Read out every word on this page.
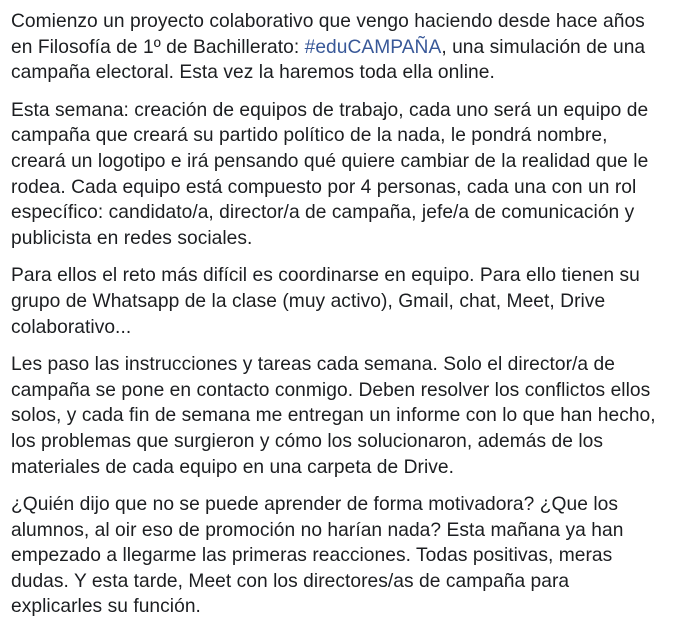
Comienzo un proyecto colaborativo que vengo haciendo desde hace años
en Filosofía de 1º de Bachillerato: #eduCAMPAÑA, una simulación de una
campaña electoral. Esta vez la haremos toda ella online.

Esta semana: creación de equipos de trabajo, cada uno será un equipo de
campaña que creará su partido político de la nada, le pondrá nombre,
creará un logotipo e irá pensando qué quiere cambiar de la realidad que le
rodea. Cada equipo está compuesto por 4 personas, cada una con un rol
específico: candidato/a, director/a de campaña, jefe/a de comunicación y
publicista en redes sociales.

Para ellos el reto más difícil es coordinarse en equipo. Para ello tienen su
grupo de Whatsapp de la clase (muy activo), Gmail, chat, Meet, Drive
colaborativo...

Les paso las instrucciones y tareas cada semana. Solo el director/a de
campaña se pone en contacto conmigo. Deben resolver los conflictos ellos
solos, y cada fin de semana me entregan un informe con lo que han hecho,
los problemas que surgieron y cómo los solucionaron, además de los
materiales de cada equipo en una carpeta de Drive.

¿Quién dijo que no se puede aprender de forma motivadora? ¿Que los
alumnos, al oir eso de promoción no harían nada? Esta mañana ya han
empezado a llegarme las primeras reacciones. Todas positivas, meras
dudas. Y esta tarde, Meet con los directores/as de campaña para
explicarles su función.
